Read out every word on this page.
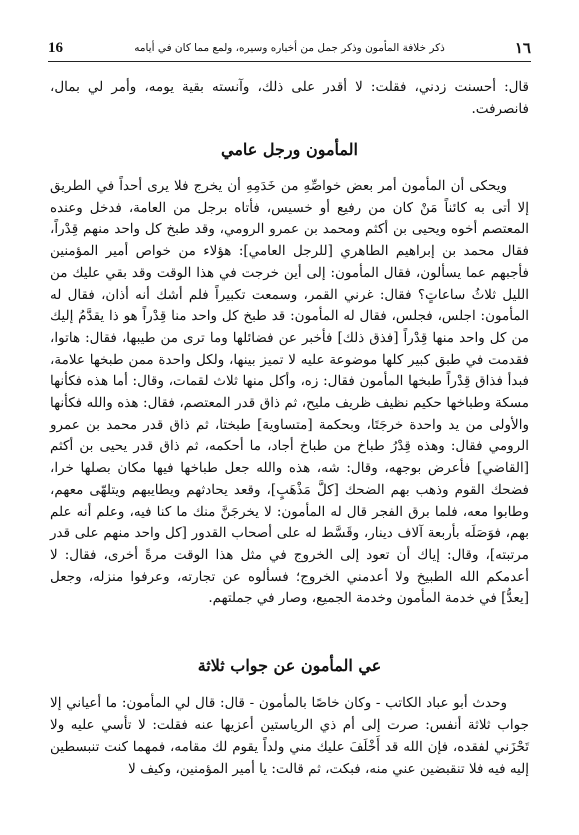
١٦
ذكر خلافة المأمون وذكر جمل من أخباره وسيره، ولمع مما كان في أيامه
16
قال: أحسنت زدني، فقلت: لا أقدر على ذلك، وآنسته بقية يومه، وأمر لي بمال، فانصرفت.
المأمون ورجل عامي
ويحكى أن المأمون أمر بعض خواصِّهِ من خَدَمِهِ أن يخرج فلا يرى أحداً في الطريق إلا أتى به كائناً مَنْ كان من رفيع أو خسيس، فأتاه برجل من العامة، فدخل وعنده المعتصم أخوه ويحيى بن أكثم ومحمد بن عمرو الرومي، وقد طبخ كل واحد منهم قِدْراً، فقال محمد بن إبراهيم الطاهري [للرجل العامي]: هؤلاء من خواص أمير المؤمنين فأجبهم عما يسألون، فقال المأمون: إلى أين خرجت في هذا الوقت وقد بقي عليك من الليل ثلاثُ ساعاتٍ؟ فقال: غرني القمر، وسمعت تكبيراً فلم أشك أنه أذان، فقال له المأمون: اجلس، فجلس، فقال له المأمون: قد طبخ كل واحد منا قِدْراً هو ذا يقدَّمُ إليك من كل واحد منها قِدْراً [فذق ذلك] فأخبر عن فضائلها وما ترى من طيبها، فقال: هاتوا، فقدمت في طبق كبير كلها موضوعة عليه لا تميز بينها، ولكل واحدة ممن طبخها علامة، فبدأ فذاق قِدْراً طبخها المأمون فقال: زه، وأكل منها ثلاث لقمات، وقال: أما هذه فكأنها مسكة وطباخها حكيم نظيف ظريف مليح، ثم ذاق قدر المعتصم، فقال: هذه والله فكأنها والأولى من يد واحدة خرجَتَا، وبحكمة [متساوية] طبختا، ثم ذاق قدر محمد بن عمرو الرومي فقال: وهذه قِدْرُ طباخ من طباخ أجاد، ما أحكمه، ثم ذاق قدر يحيى بن أكثم [القاضي] فأعرض بوجهه، وقال: شه، هذه والله جعل طباخها فيها مكان بصلها خرا، فضحك القوم وذهب بهم الضحك [كلَّ مَذْهَبٍ]، وقعد يحادثهم ويطايبهم ويتلهّى معهم، وطابوا معه، فلما برق الفجر قال له المأمون: لا يخرجَنَّ منك ما كنا فيه، وعلم أنه علم بهم، فوَصَلَه بأربعة آلاف دينار، وقَسَّط له على أصحاب القدور [كل واحد منهم على قدر مرتبته]، وقال: إياك أن تعود إلى الخروج في مثل هذا الوقت مرةً أخرى، فقال: لا أعدمكم الله الطبيخ ولا أعدمني الخروج؛ فسألوه عن تجارته، وعرفوا منزله، وجعل [يعدُّ] في خدمة المأمون وخدمة الجميع، وصار في جملتهم.
عي المأمون عن جواب ثلاثة
وحدث أبو عباد الكاتب - وكان خاصًا بالمأمون - قال: قال لي المأمون: ما أعياني إلا جواب ثلاثة أنفس: صرت إلى أم ذي الرياستين أعزيها عنه فقلت: لا تأسي عليه ولا تَحْزَني لفقده، فإن الله قد أَخْلَفَ عليك مني ولداً يقوم لك مقامه، فمهما كنت تنبسطين إليه فيه فلا تنقبضين عني منه، فبكت، ثم قالت: يا أمير المؤمنين، وكيف لا
